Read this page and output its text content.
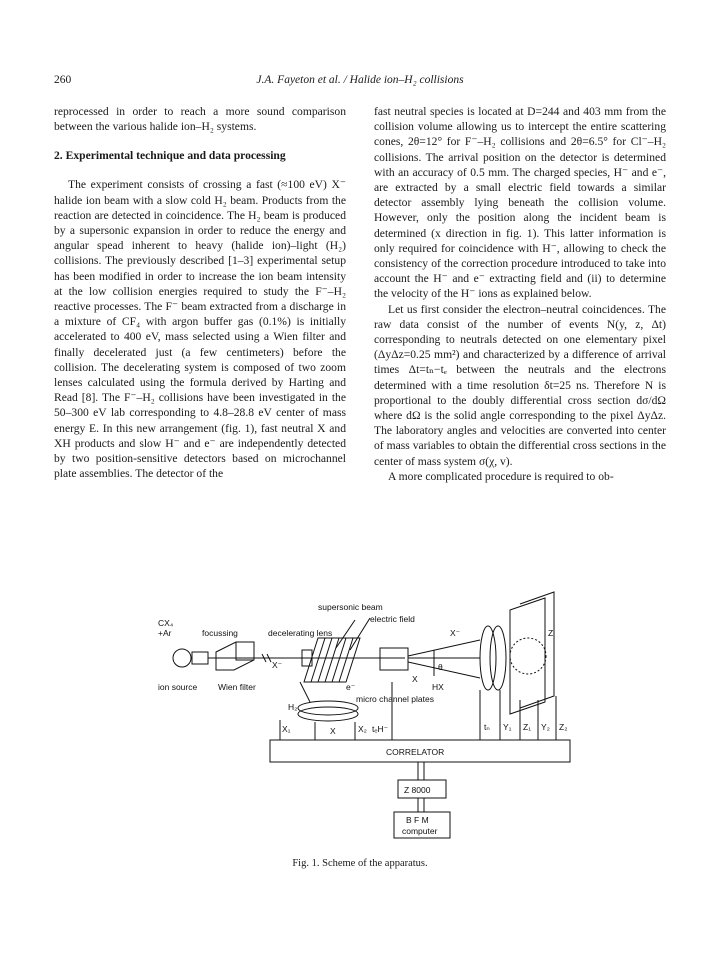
260	J.A. Fayeton et al. / Halide ion–H₂ collisions

reprocessed in order to reach a more sound comparison between the various halide ion–H₂ systems.

2. Experimental technique and data processing

The experiment consists of crossing a fast (≈100 eV) X⁻ halide ion beam with a slow cold H₂ beam. Products from the reaction are detected in coincidence. The H₂ beam is produced by a supersonic expansion in order to reduce the energy and angular spead inherent to heavy (halide ion)–light (H₂) collisions. The previously described [1–3] experimental setup has been modified in order to increase the ion beam intensity at the low collision energies required to study the F⁻–H₂ reactive processes. The F⁻ beam extracted from a discharge in a mixture of CF₄ with argon buffer gas (0.1%) is initially accelerated to 400 eV, mass selected using a Wien filter and finally decelerated just (a few centimeters) before the collision. The decelerating system is composed of two zoom lenses calculated using the formula derived by Harting and Read [8]. The F⁻–H₂ collisions have been investigated in the 50–300 eV lab corresponding to 4.8–28.8 eV center of mass energy E. In this new arrangement (fig. 1), fast neutral X and XH products and slow H⁻ and e⁻ are independently detected by two position-sensitive detectors based on microchannel plate assemblies. The detector of the

fast neutral species is located at D=244 and 403 mm from the collision volume allowing us to intercept the entire scattering cones, 2θ=12° for F⁻–H₂ collisions and 2θ=6.5° for Cl⁻–H₂ collisions. The arrival position on the detector is determined with an accuracy of 0.5 mm. The charged species, H⁻ and e⁻, are extracted by a small electric field towards a similar detector assembly lying beneath the collision volume. However, only the position along the incident beam is determined (x direction in fig. 1). This latter information is only required for coincidence with H⁻, allowing to check the consistency of the correction procedure introduced to take into account the H⁻ and e⁻ extracting field and (ii) to determine the velocity of the H⁻ ions as explained below.

Let us first consider the electron–neutral coincidences. The raw data consist of the number of events N(y, z, Δt) corresponding to neutrals detected on one elementary pixel (ΔyΔz=0.25 mm²) and characterized by a difference of arrival times Δt=tₙ−tₑ between the neutrals and the electrons determined with a time resolution δt=25 ns. Therefore N is proportional to the doubly differential cross section dσ/dΩ where dΩ is the solid angle corresponding to the pixel ΔyΔz. The laboratory angles and velocities are converted into center of mass variables to obtain the differential cross sections in the center of mass system σ(χ, v).

A more complicated procedure is required to ob-

supersonic beam
CX₄
+Ar	focussing	decelerating lens
electric field
ion source Wien filter
X⁻
X⁻
e⁻
θ
X
HX
micro channel plates
H₂
X₁	X	X₂ tₑH⁻
Z
tₙ Y₁ Z₁ Y₂ Z₂
CORRELATOR
Z 8000
B F M
computer
Fig. 1. Scheme of the apparatus.
